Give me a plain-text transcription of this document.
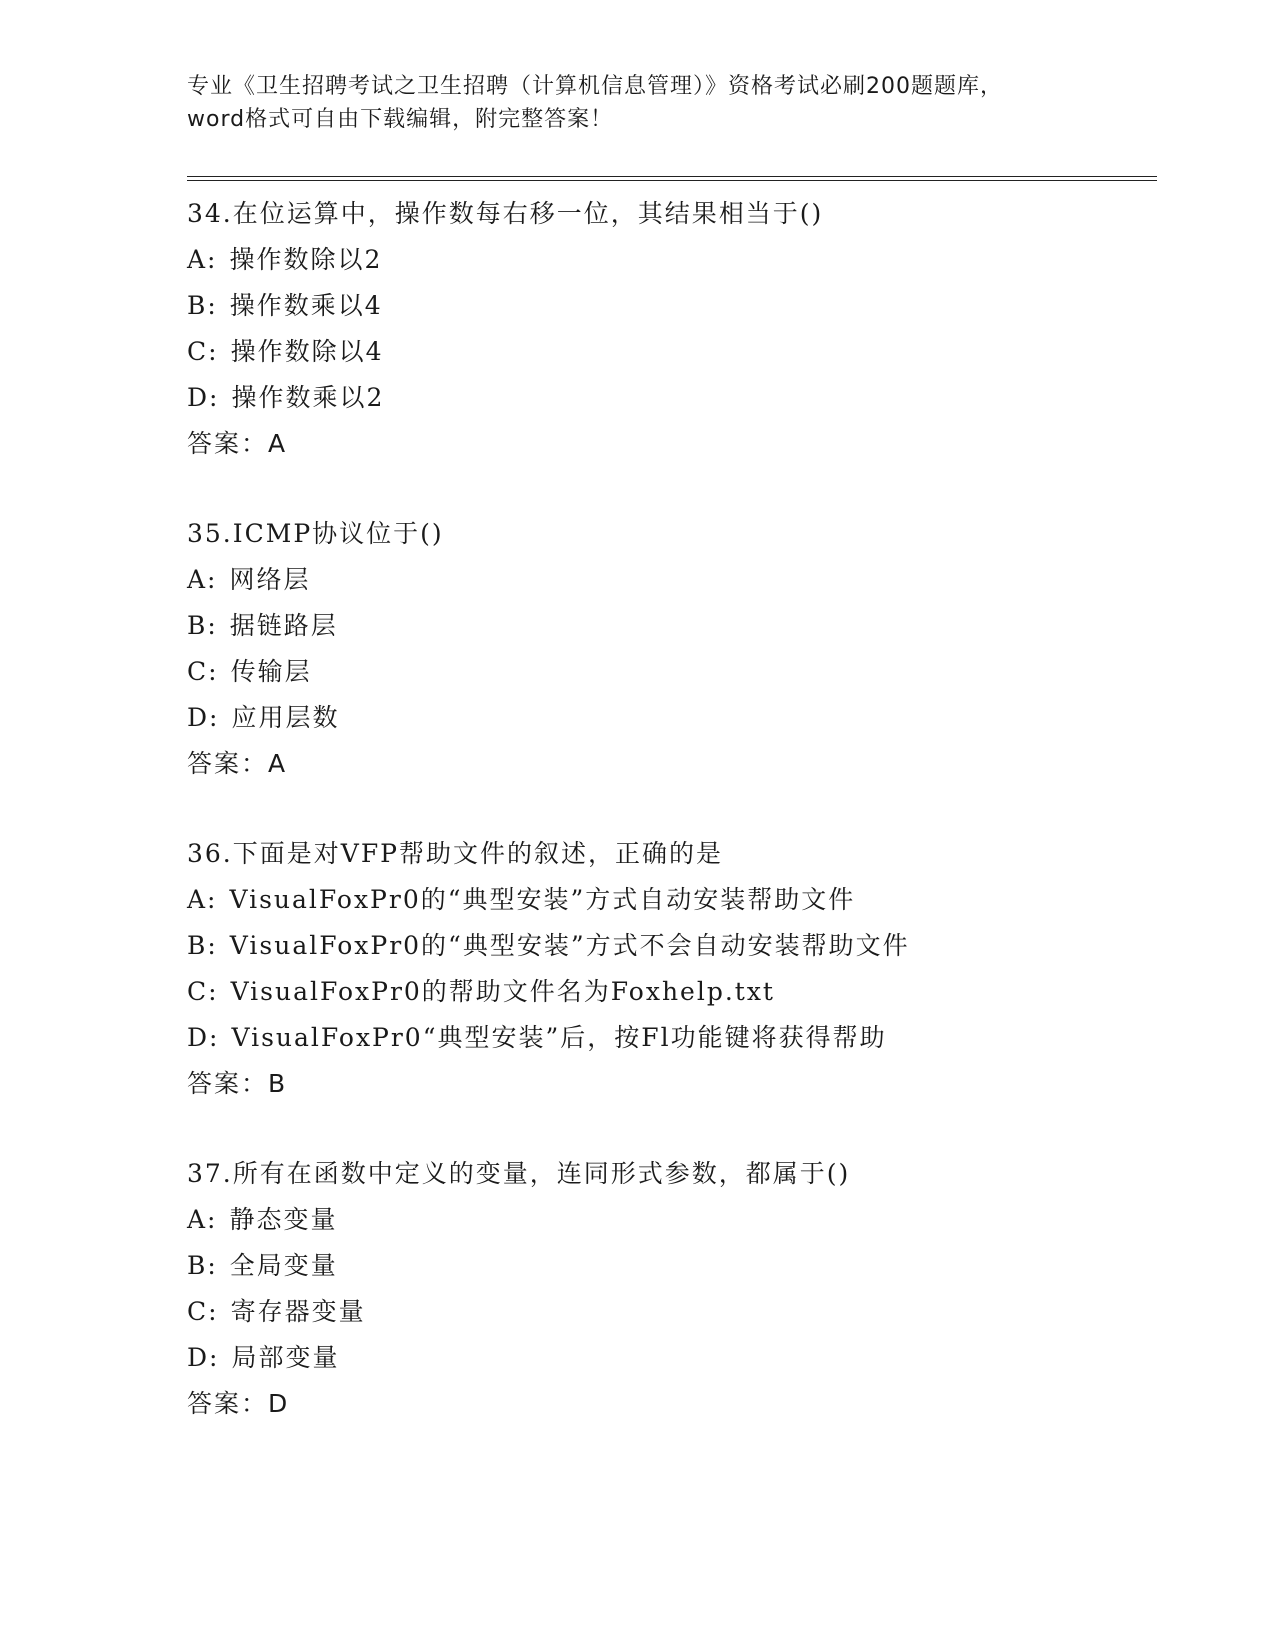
专业《卫生招聘考试之卫生招聘（计算机信息管理）》资格考试必刷200题题库，
word格式可自由下载编辑，附完整答案！
34.在位运算中，操作数每右移一位，其结果相当于()
A: 操作数除以2
B: 操作数乘以4
C: 操作数除以4
D: 操作数乘以2
答案：A
35.ICMP协议位于()
A: 网络层
B: 据链路层
C: 传输层
D: 应用层数
答案：A
36.下面是对VFP帮助文件的叙述，正确的是
A: VisualFoxPr0的“典型安装”方式自动安装帮助文件
B: VisualFoxPr0的“典型安装”方式不会自动安装帮助文件
C: VisualFoxPr0的帮助文件名为Foxhelp.txt
D: VisualFoxPr0“典型安装”后，按Fl功能键将获得帮助
答案：B
37.所有在函数中定义的变量，连同形式参数，都属于()
A: 静态变量
B: 全局变量
C: 寄存器变量
D: 局部变量
答案：D
